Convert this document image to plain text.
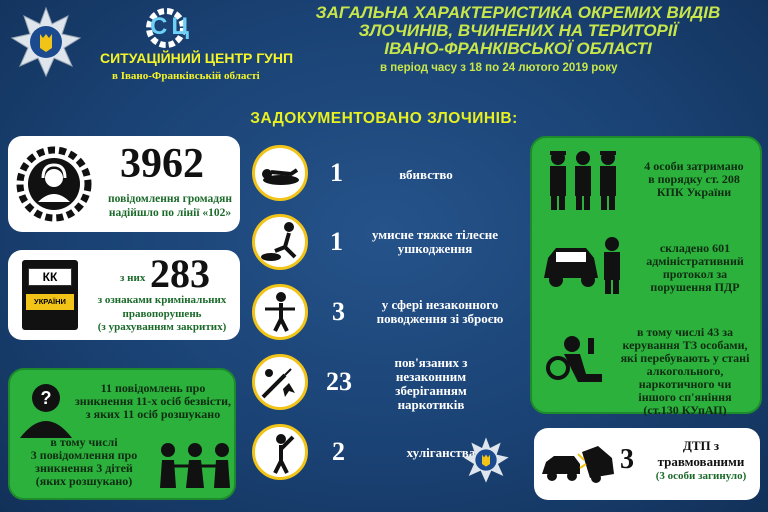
СЦ
СИТУАЦІЙНИЙ ЦЕНТР ГУНП
в Івано-Франківській області
ЗАГАЛЬНА ХАРАКТЕРИСТИКА ОКРЕМИХ ВИДІВ
ЗЛОЧИНІВ, ВЧИНЕНИХ НА ТЕРИТОРІЇ
ІВАНО-ФРАНКІВСЬКОЇ ОБЛАСТІ
в період часу з 18 по 24 лютого 2019 року
ЗАДОКУМЕНТОВАНО ЗЛОЧИНІВ:
3962
повідомлення громадян
надійшло по лінії «102»
КК
УКРАЇНИ
з них 283
з ознаками кримінальних
правопорушень
(з урахуванням закритих)
?	11 повідомлень про
зникнення 11-х осіб безвісти,
з яких 11 осіб розшукано
в тому числі
3 повідомлення про
зникнення 3 дітей
(яких розшукано)
1	вбивство
1	умисне тяжке тілесне
ушкодження
3	у сфері незаконного
поводження зі зброєю
23
пов'язаних з
незаконним
зберіганням
наркотиків
2	хуліганства
4 особи затримано
в порядку ст. 208
КПК України
складено 601
адміністративний
протокол за
порушення ПДР
в тому числі 43 за
керування ТЗ особами,
які перебувають у стані
алкогольного,
наркотичного чи
іншого сп'яніння
(ст.130 КУпАП)
3	ДТП з
травмованими
(3 особи загинуло)
